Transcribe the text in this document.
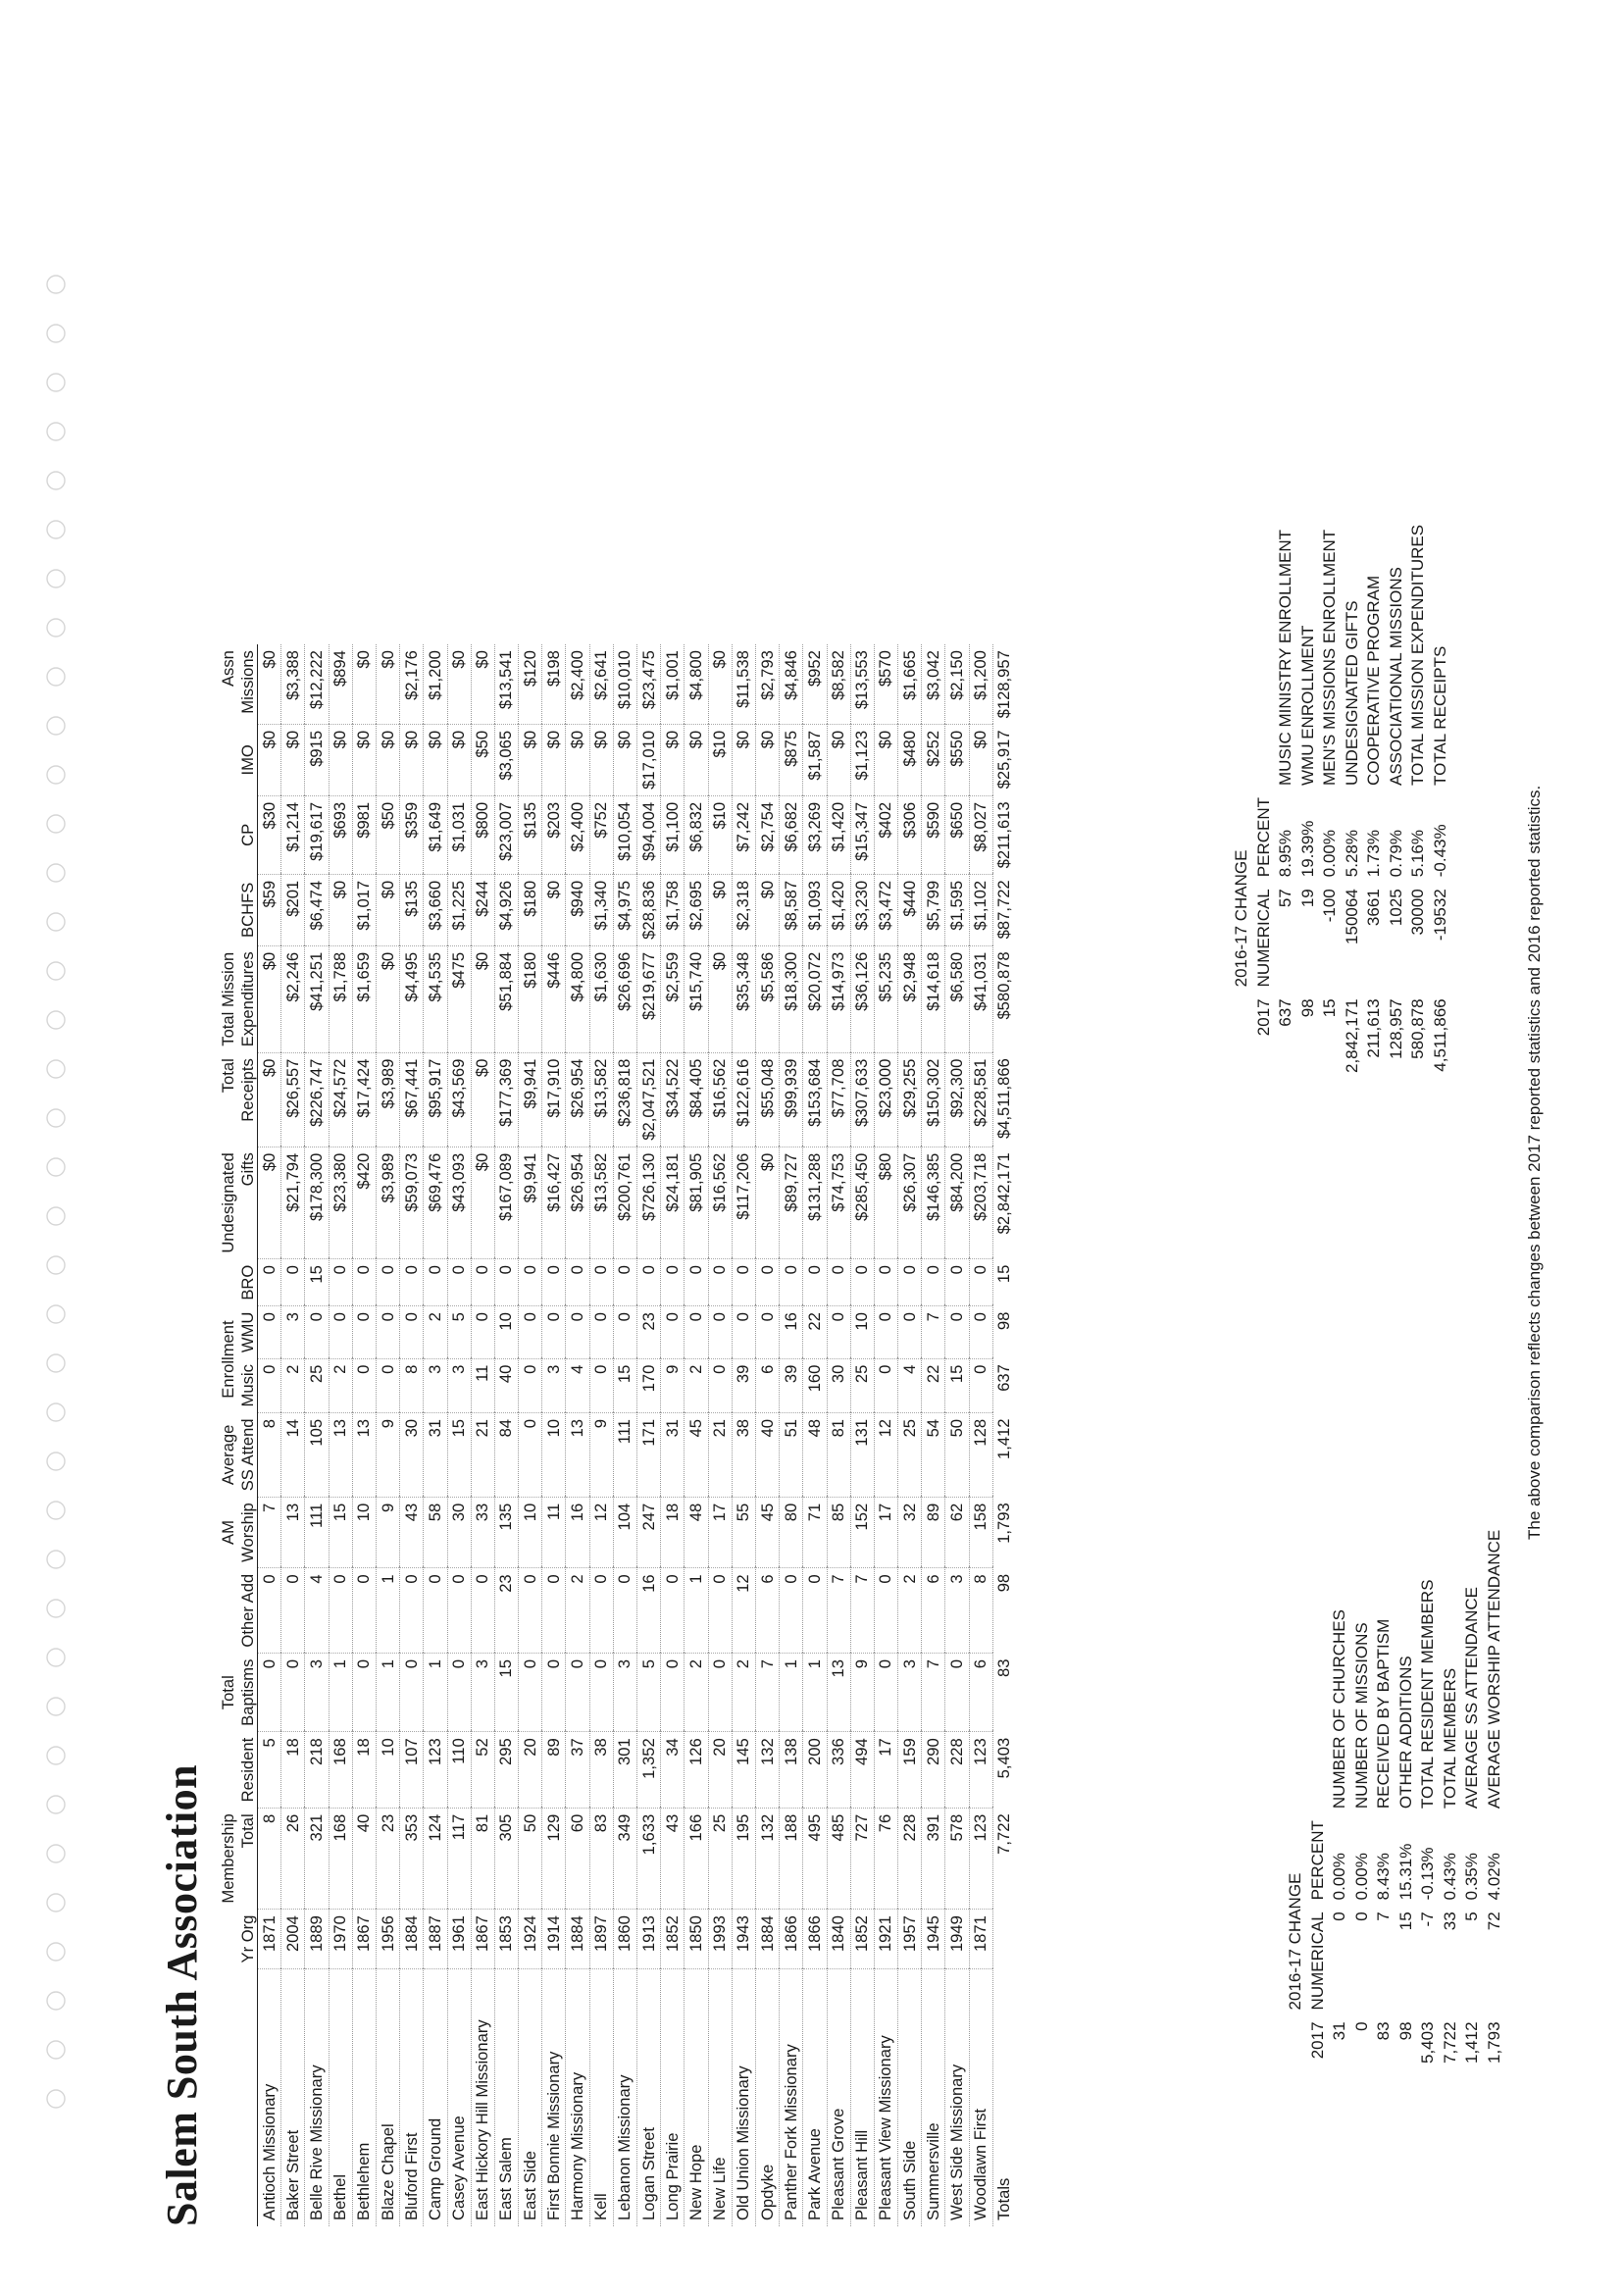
Salem South Association
		Membership		Total		AM	Average	Enrollment			Undesignated	Total	Total Mission				Assn
	Yr Org	Total	Resident	Baptisms	Other Add	Worship	SS Attend	Music	WMU	BRO	Gifts	Receipts	Expenditures	BCHFS	CP	IMO	Missions
Antioch Missionary	1871	8	5	0	0	7	8	0	0	0	$0	$0	$0	$59	$30	$0	$0
Baker Street	2004	26	18	0	0	13	14	2	3	0	$21,794	$26,557	$2,246	$201	$1,214	$0	$3,388
Belle Rive Missionary	1889	321	218	3	4	111	105	25	0	15	$178,300	$226,747	$41,251	$6,474	$19,617	$915	$12,222
Bethel	1970	168	168	1	0	15	13	2	0	0	$23,380	$24,572	$1,788	$0	$693	$0	$894
Bethlehem	1867	40	18	0	0	10	13	0	0	0	$420	$17,424	$1,659	$1,017	$981	$0	$0
Blaze Chapel	1956	23	10	1	1	9	9	0	0	0	$3,989	$3,989	$0	$0	$50	$0	$0
Bluford First	1884	353	107	0	0	43	30	8	0	0	$59,073	$67,441	$4,495	$135	$359	$0	$2,176
Camp Ground	1887	124	123	1	0	58	31	3	2	0	$69,476	$95,917	$4,535	$3,660	$1,649	$0	$1,200
Casey Avenue	1961	117	110	0	0	30	15	3	5	0	$43,093	$43,569	$475	$1,225	$1,031	$0	$0
East Hickory Hill Missionary	1867	81	52	3	0	33	21	11	0	0	$0	$0	$0	$244	$800	$50	$0
East Salem	1853	305	295	15	23	135	84	40	10	0	$167,089	$177,369	$51,884	$4,926	$23,007	$3,065	$13,541
East Side	1924	50	20	0	0	10	0	0	0	0	$9,941	$9,941	$180	$180	$135	$0	$120
First Bonnie Missionary	1914	129	89	0	0	11	10	3	0	0	$16,427	$17,910	$446	$0	$203	$0	$198
Harmony Missionary	1884	60	37	0	2	16	13	4	0	0	$26,954	$26,954	$4,800	$940	$2,400	$0	$2,400
Kell	1897	83	38	0	0	12	9	0	0	0	$13,582	$13,582	$1,630	$1,340	$752	$0	$2,641
Lebanon Missionary	1860	349	301	3	0	104	111	15	0	0	$200,761	$236,818	$26,696	$4,975	$10,054	$0	$10,010
Logan Street	1913	1,633	1,352	5	16	247	171	170	23	0	$726,130	$2,047,521	$219,677	$28,836	$94,004	$17,010	$23,475
Long Prairie	1852	43	34	0	0	18	31	9	0	0	$24,181	$34,522	$2,559	$1,758	$1,100	$0	$1,001
New Hope	1850	166	126	2	1	48	45	2	0	0	$81,905	$84,405	$15,740	$2,695	$6,832	$0	$4,800
New Life	1993	25	20	0	0	17	21	0	0	0	$16,562	$16,562	$0	$0	$10	$10	$0
Old Union Missionary	1943	195	145	2	12	55	38	39	0	0	$117,206	$122,616	$35,348	$2,318	$7,242	$0	$11,538
Opdyke	1884	132	132	7	6	45	40	6	0	0	$0	$55,048	$5,586	$0	$2,754	$0	$2,793
Panther Fork Missionary	1866	188	138	1	0	80	51	39	16	0	$89,727	$99,939	$18,300	$8,587	$6,682	$875	$4,846
Park Avenue	1866	495	200	1	0	71	48	160	22	0	$131,288	$153,684	$20,072	$1,093	$3,269	$1,587	$952
Pleasant Grove	1840	485	336	13	7	85	81	30	0	0	$74,753	$77,708	$14,973	$1,420	$1,420	$0	$8,582
Pleasant Hill	1852	727	494	9	7	152	131	25	10	0	$285,450	$307,633	$36,126	$3,230	$15,347	$1,123	$13,553
Pleasant View Missionary	1921	76	17	0	0	17	12	0	0	0	$80	$23,000	$5,235	$3,472	$402	$0	$570
South Side	1957	228	159	3	2	32	25	4	0	0	$26,307	$29,255	$2,948	$440	$306	$480	$1,665
Summersville	1945	391	290	7	6	89	54	22	7	0	$146,385	$150,302	$14,618	$5,799	$590	$252	$3,042
West Side Missionary	1949	578	228	0	3	62	50	15	0	0	$84,200	$92,300	$6,580	$1,595	$650	$550	$2,150
Woodlawn First	1871	123	123	6	8	158	128	0	0	0	$203,718	$228,581	$41,031	$1,102	$8,027	$0	$1,200
Totals		7,722	5,403	83	98	1,793	1,412	637	98	15	$2,842,171	$4,511,866	$580,878	$87,722	$211,613	$25,917	$128,957
	2016-17 CHANGE		
2017	NUMERICAL	PERCENT	
31	0	0.00%	NUMBER OF CHURCHES
0	0	0.00%	NUMBER OF MISSIONS
83	7	8.43%	RECEIVED BY BAPTISM
98	15	15.31%	OTHER ADDITIONS
5,403	-7	-0.13%	TOTAL RESIDENT MEMBERS
7,722	33	0.43%	TOTAL MEMBERS
1,412	5	0.35%	AVERAGE SS ATTENDANCE
1,793	72	4.02%	AVERAGE WORSHIP ATTENDANCE
	2016-17 CHANGE		
2017	NUMERICAL	PERCENT	
637	57	8.95%	MUSIC MINISTRY ENROLLMENT
98	19	19.39%	WMU ENROLLMENT
15	-100	0.00%	MEN'S MISSIONS ENROLLMENT
2,842,171	150064	5.28%	UNDESIGNATED GIFTS
211,613	3661	1.73%	COOPERATIVE PROGRAM
128,957	1025	0.79%	ASSOCIATIONAL MISSIONS
580,878	30000	5.16%	TOTAL MISSION EXPENDITURES
4,511,866	-19532	-0.43%	TOTAL RECEIPTS
The above comparison reflects changes between 2017 reported statistics and 2016 reported statistics.
